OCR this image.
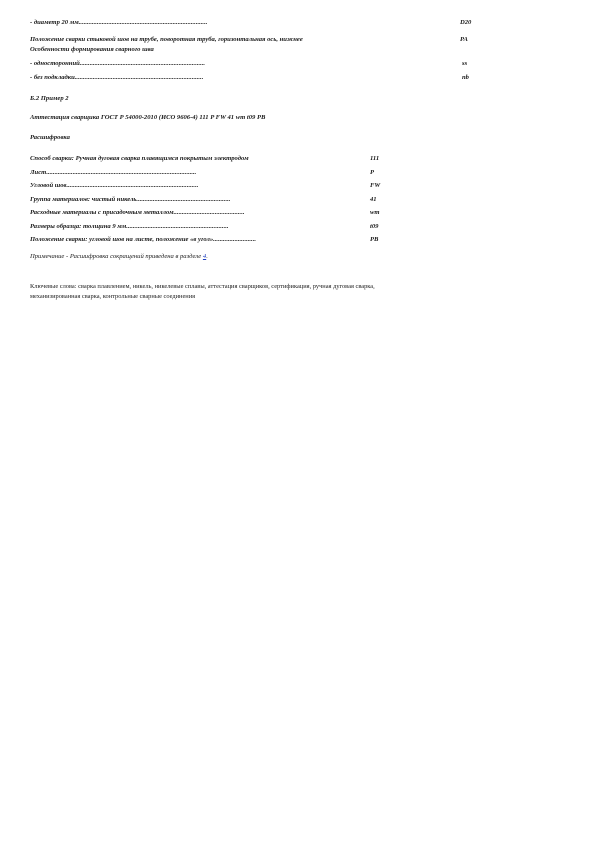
- диаметр 20 мм..............................................................................	D20
Положение сварки стыковой шов на трубе, поворотная труба, горизонтальная ось, нижнее	PA
Особенности формирования сварного шва
- односторонний............................................................................	ss
- без подкладки..............................................................................	nb
Б.2 Пример 2
Аттестация сварщика ГОСТ Р 54000-2010 (ИСО 9606-4) 111 P FW 41 wm t09 PB
Расшифровка
Способ сварки: Ручная дуговая сварка плавящимся покрытым электродом	111
Лист...........................................................................................	P
Угловой шов................................................................................	FW
Группа материалов: чистый никель.........................................................	41
Расходные материалы с присадочным металлом...........................................	wm
Размеры образца: толщина 9 мм..............................................................	t09
Положение сварки: угловой шов на листе, положение «в угол»..........................	PB
Примечание - Расшифровка сокращений приведена в разделе 4.
Ключевые слова: сварка плавлением, никель, никелевые сплавы, аттестация сварщиков, сертификация, ручная дуговая сварка,
механизированная сварка, контрольные сварные соединения
